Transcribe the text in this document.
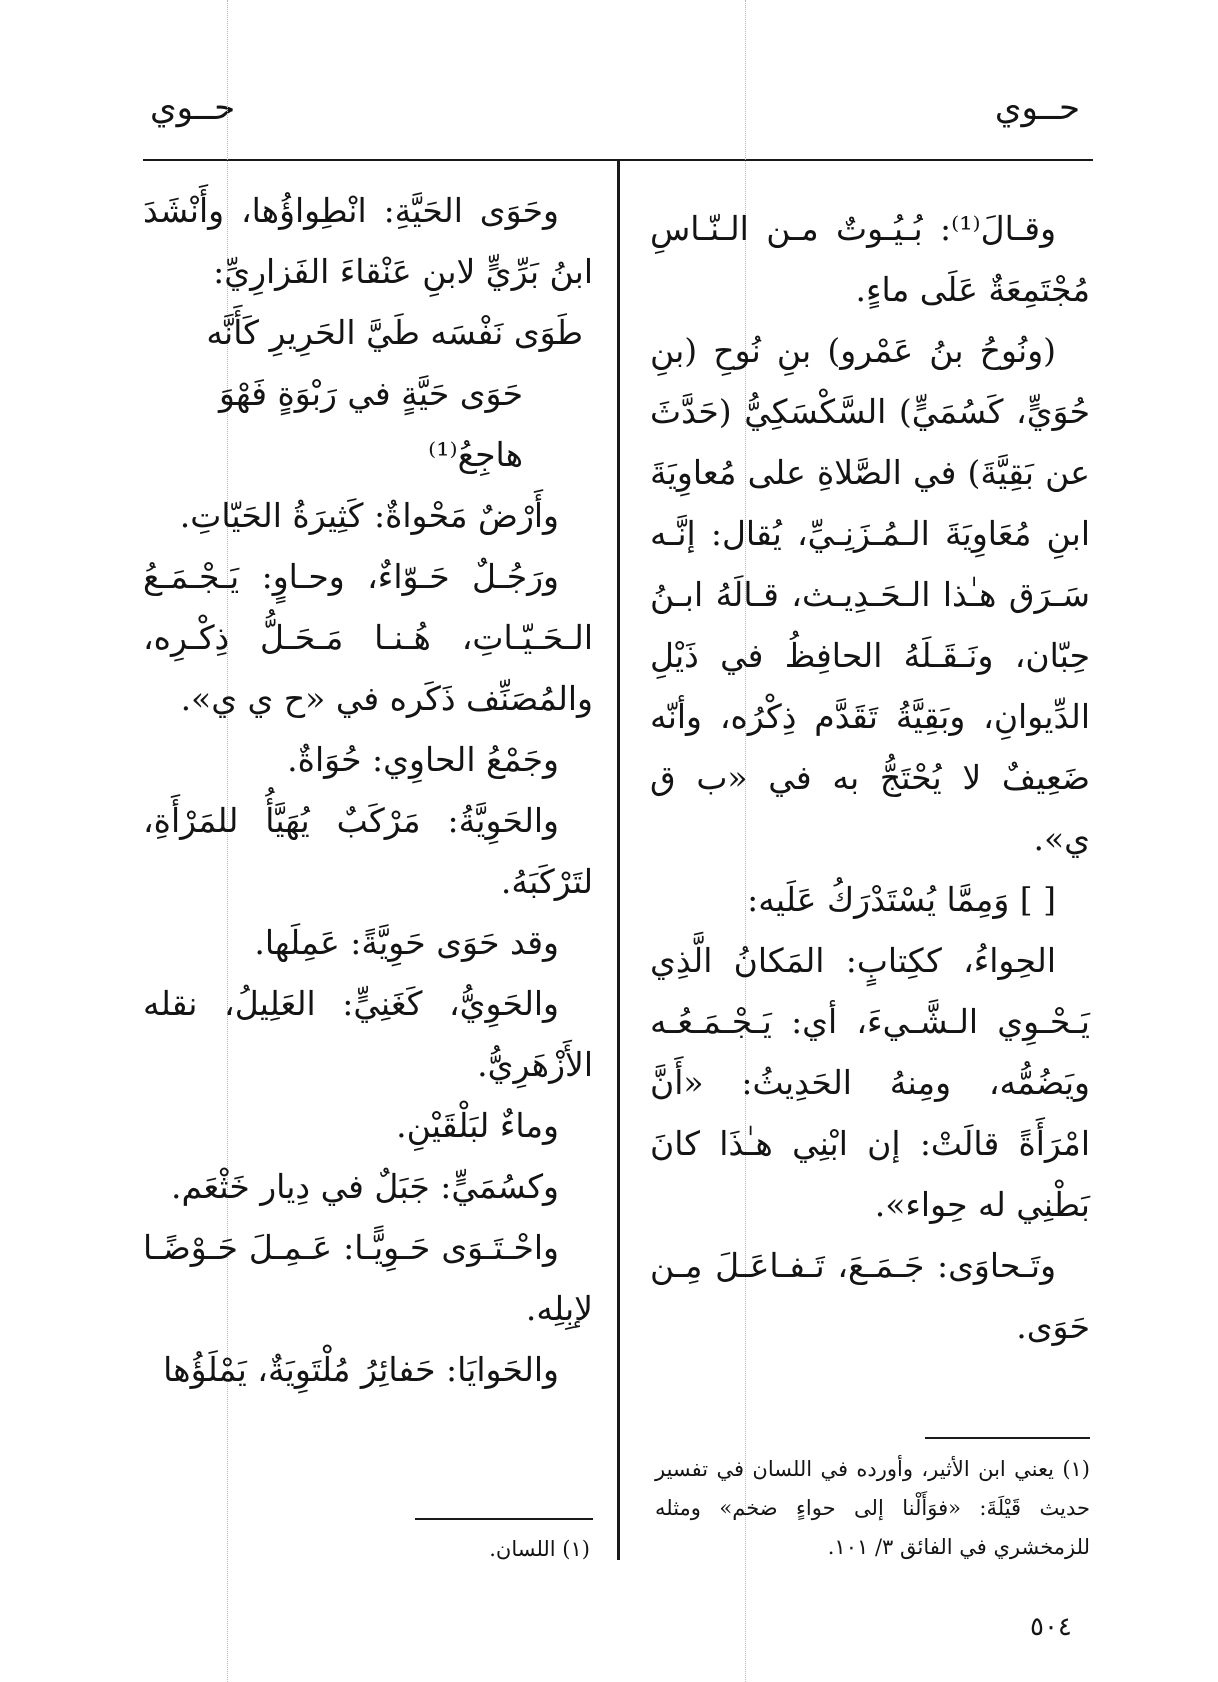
حــوي
حــوي

وقـالَ⁽¹⁾: بُـيُـوتٌ مـن الـنّـاسِ مُجْتَمِعَةٌ عَلَى ماءٍ.

(ونُوحُ بنُ عَمْرو) بنِ نُوحِ (بنِ حُوَيٍّ، كَسُمَيٍّ) السَّكْسَكِيُّ (حَدَّثَ عن بَقِيَّةَ) في الصَّلاةِ على مُعاوِيَةَ ابنِ مُعَاوِيَةَ الـمُـزَنِـيِّ، يُقال: إنَّـه سَـرَق هـٰذا الـحَـدِيـث، قـالَهُ ابـنُ حِبّان، ونَـقَـلَهُ الحافِظُ في ذَيْلِ الدِّيوانِ، وبَقِيَّةُ تَقَدَّم ذِكْرُه، وأنّه ضَعِيفٌ لا يُحْتَجُّ به في «ب ق ي».

[ ] وَمِمَّا يُسْتَدْرَكُ عَلَيه:

الحِواءُ، ككِتابٍ: المَكانُ الَّذِي يَـحْـوِي الـشَّـيءَ، أي: يَـجْـمَـعُـه ويَضُمُّه، ومِنهُ الحَدِيثُ: «أَنَّ امْرَأَةً قالَتْ: إن ابْنِي هـٰذَا كانَ بَطْنِي له حِواء».

وتَـحاوَى: جَـمَـعَ، تَـفـاعَـلَ مِـن حَوَى.

(١) يعني ابن الأثير، وأورده في اللسان في تفسير حديث قَيْلَةَ: «فوَأَلْنا إلى حواءٍ ضخم» ومثله للزمخشري في الفائق ٣/ ١٠١.

وحَوَى الحَيَّةِ: انْطِواؤُها، وأَنْشَدَ ابنُ بَرِّيٍّ لابنِ عَنْقاءَ الفَزارِيِّ:

طَوَى نَفْسَه طَيَّ الحَرِيرِ كَأَنَّه

حَوَى حَيَّةٍ في رَبْوَةٍ فَهْوَ هاجِعُ⁽¹⁾

وأَرْضٌ مَحْواةٌ: كَثِيرَةُ الحَيّاتِ.

ورَجُـلٌ حَـوّاءٌ، وحـاوٍ: يَـجْـمَـعُ الـحَـيّـاتِ، هُـنـا مَـحَـلُّ ذِكْـرِه، والمُصَنِّف ذَكَره في «ح ي ي».

وجَمْعُ الحاوِي: حُوَاةٌ.

والحَوِيَّةُ: مَرْكَبٌ يُهَيَّأُ للمَرْأَةِ، لتَرْكَبَهُ.

وقد حَوَى حَوِيَّةً: عَمِلَها.

والحَوِيُّ، كَغَنِيٍّ: العَلِيلُ، نقله الأَزْهَرِيُّ.

وماءٌ لبَلْقَيْنِ.

وكسُمَيٍّ: جَبَلٌ في دِيار خَثْعَم.

واحْـتَـوَى حَـوِيًّـا: عَـمِـلَ حَـوْضًـا لإبِلِه.

والحَوايَا: حَفائِرُ مُلْتَوِيَةٌ، يَمْلَؤُها

(١) اللسان.
٥٠٤
